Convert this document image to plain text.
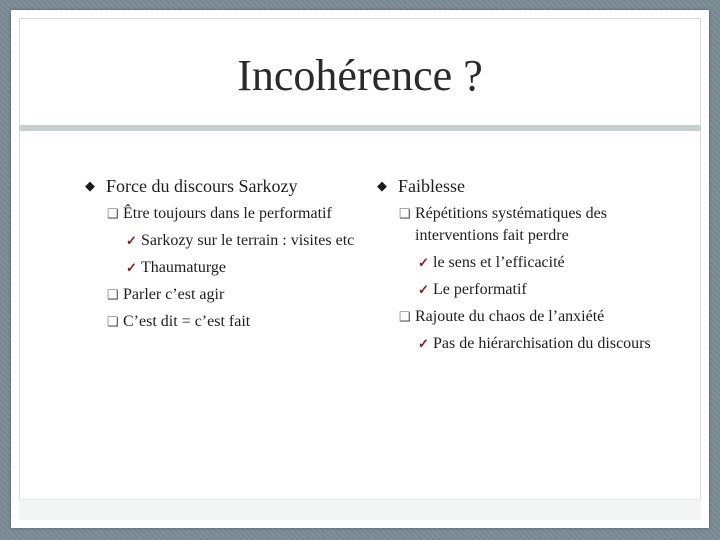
Incohérence ?
◆ Force du discours Sarkozy
❑ Être toujours dans le performatif
✓ Sarkozy sur le terrain : visites etc
✓ Thaumaturge
❑ Parler c’est agir
❑ C’est dit = c’est fait
◆ Faiblesse
❑ Répétitions systématiques des interventions fait perdre
✓ le sens et l’efficacité
✓ Le performatif
❑ Rajoute du chaos de l’anxiété
✓ Pas de hiérarchisation du discours
